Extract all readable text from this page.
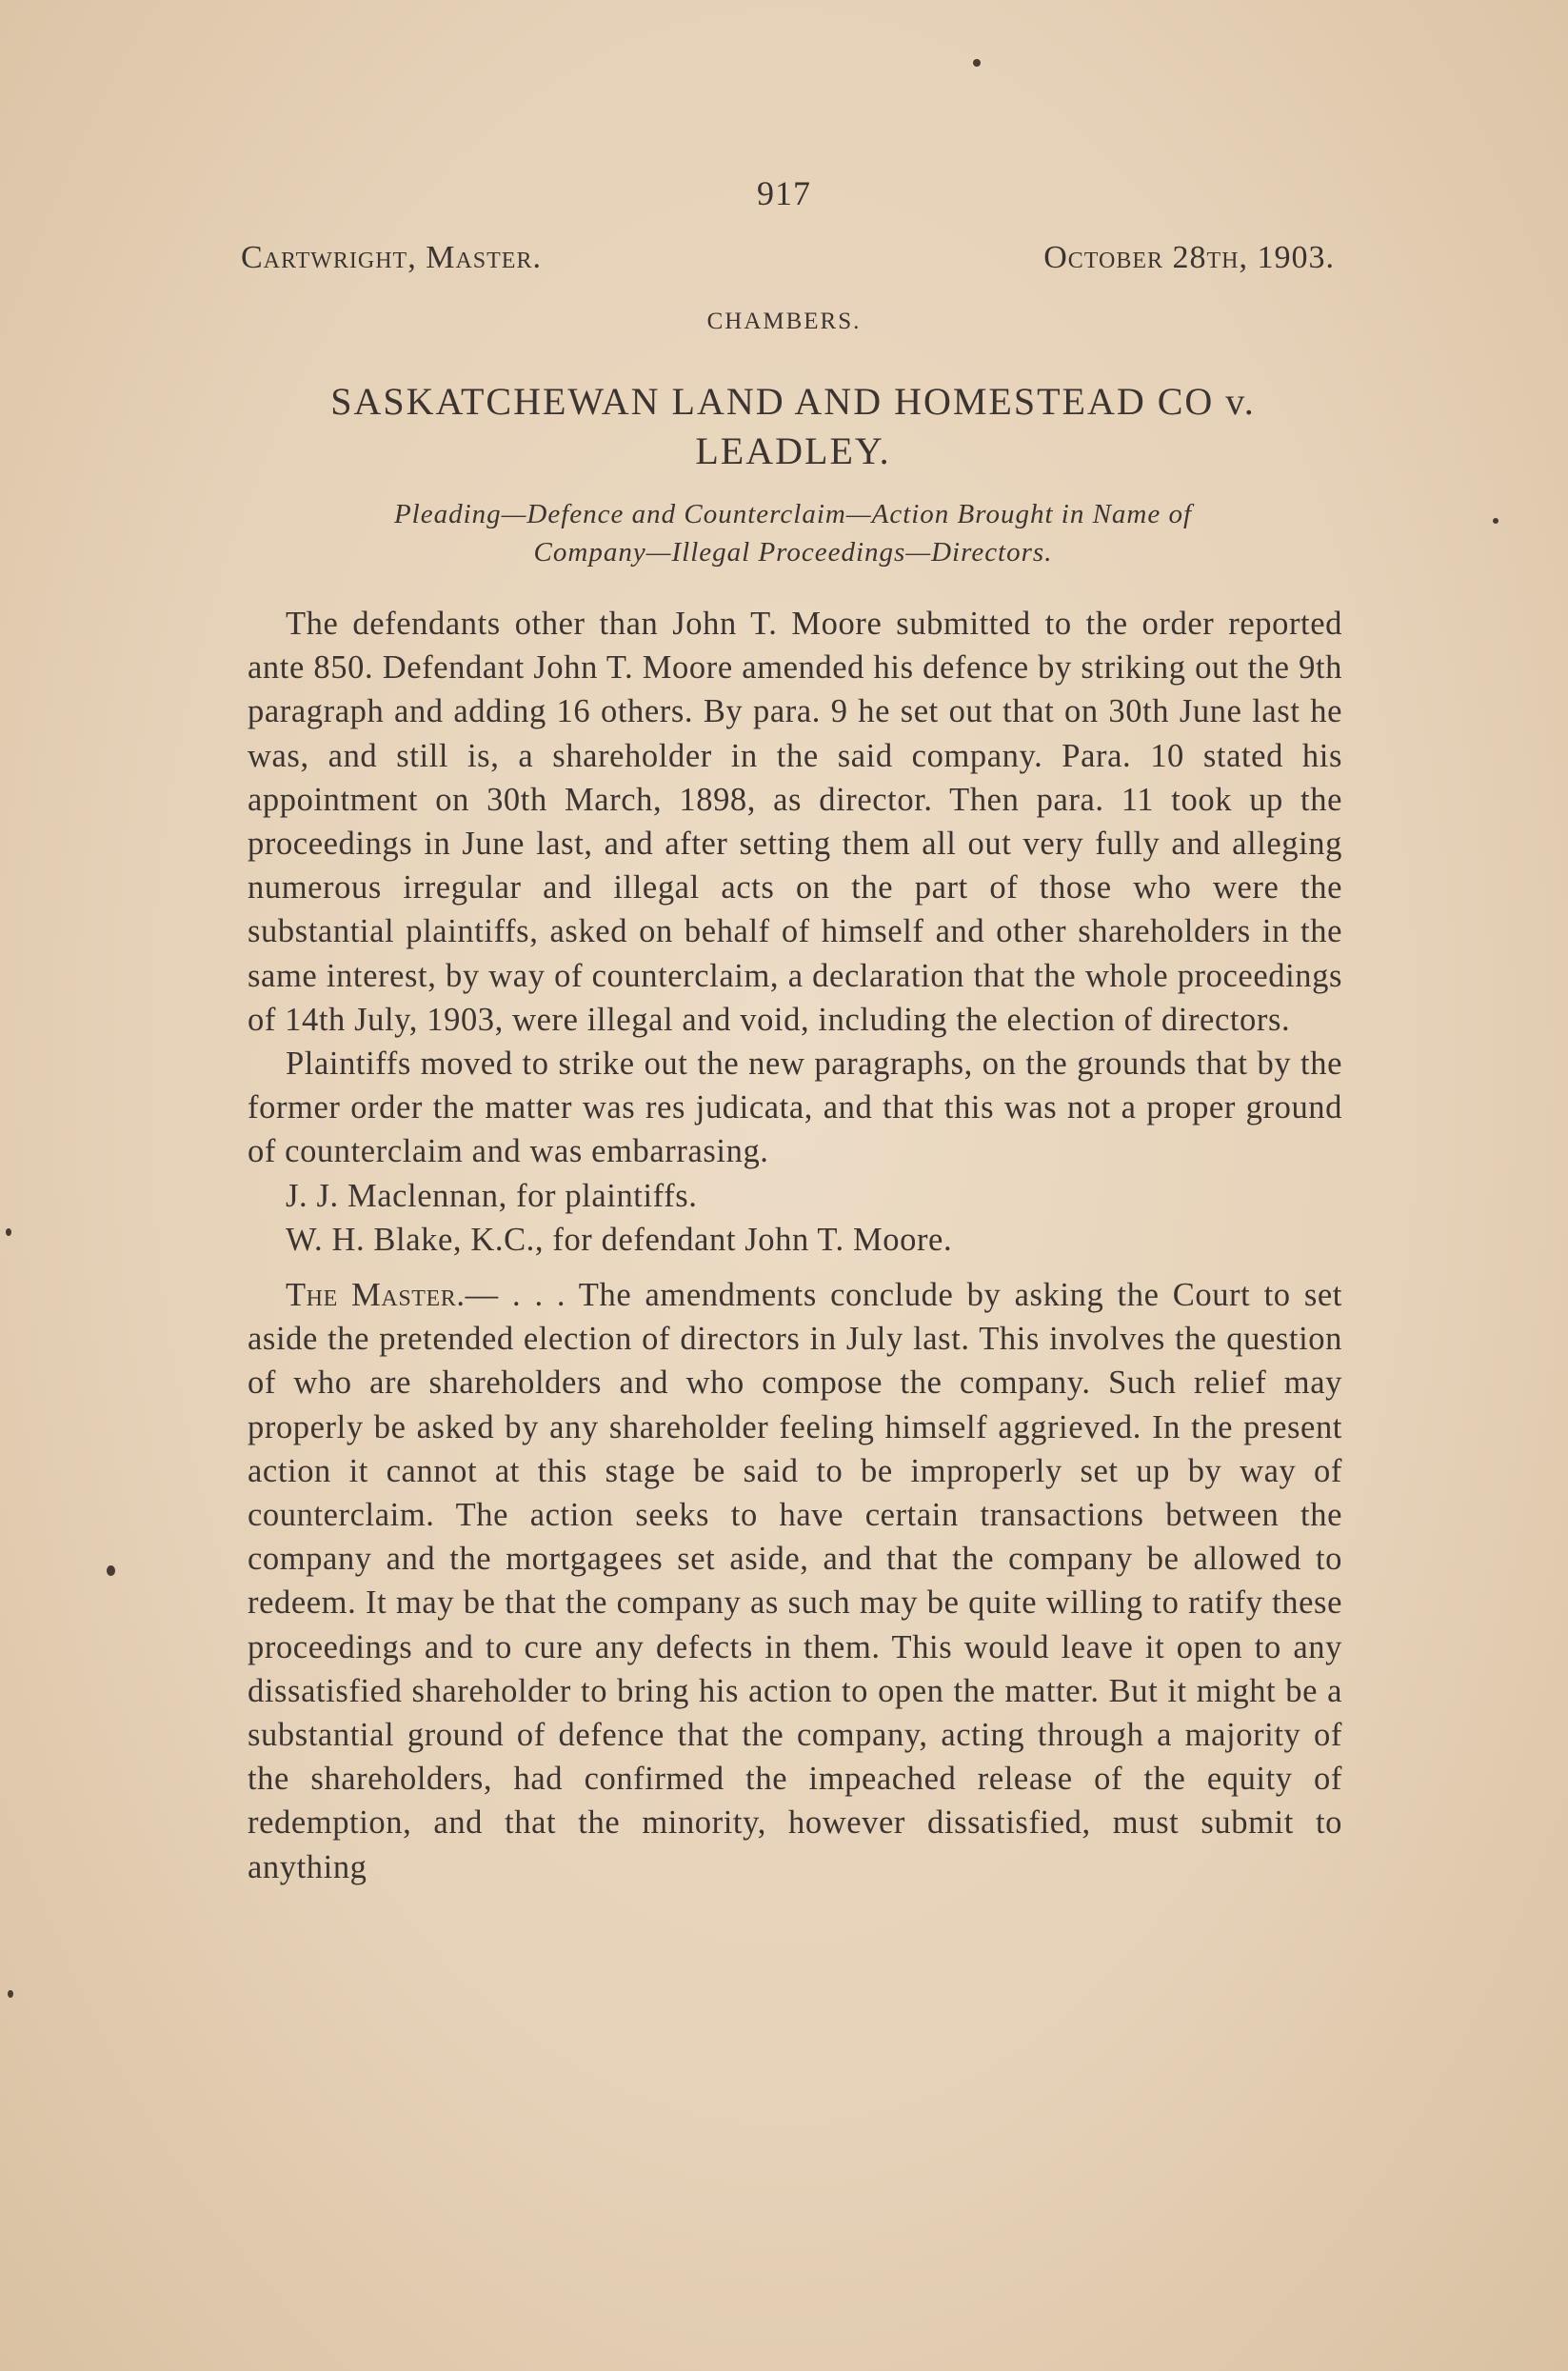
917
Cartwright, Master.	October 28th, 1903.
CHAMBERS.
SASKATCHEWAN LAND AND HOMESTEAD CO v.
LEADLEY.
Pleading—Defence and Counterclaim—Action Brought in Name of
Company—Illegal Proceedings—Directors.

The defendants other than John T. Moore submitted to the order reported ante 850. Defendant John T. Moore amended his defence by striking out the 9th paragraph and adding 16 others. By para. 9 he set out that on 30th June last he was, and still is, a shareholder in the said company. Para. 10 stated his appointment on 30th March, 1898, as director. Then para. 11 took up the proceedings in June last, and after setting them all out very fully and alleging numerous irregular and illegal acts on the part of those who were the substantial plaintiffs, asked on behalf of himself and other shareholders in the same interest, by way of counterclaim, a declaration that the whole proceedings of 14th July, 1903, were illegal and void, including the election of directors.

Plaintiffs moved to strike out the new paragraphs, on the grounds that by the former order the matter was res judicata, and that this was not a proper ground of counterclaim and was embarrasing.

J. J. Maclennan, for plaintiffs.

W. H. Blake, K.C., for defendant John T. Moore.

The Master.— . . . The amendments conclude by asking the Court to set aside the pretended election of directors in July last. This involves the question of who are shareholders and who compose the company. Such relief may properly be asked by any shareholder feeling himself aggrieved. In the present action it cannot at this stage be said to be improperly set up by way of counterclaim. The action seeks to have certain transactions between the company and the mortgagees set aside, and that the company be allowed to redeem. It may be that the company as such may be quite willing to ratify these proceedings and to cure any defects in them. This would leave it open to any dissatisfied shareholder to bring his action to open the matter. But it might be a substantial ground of defence that the company, acting through a majority of the shareholders, had confirmed the impeached release of the equity of redemption, and that the minority, however dissatisfied, must submit to anything
